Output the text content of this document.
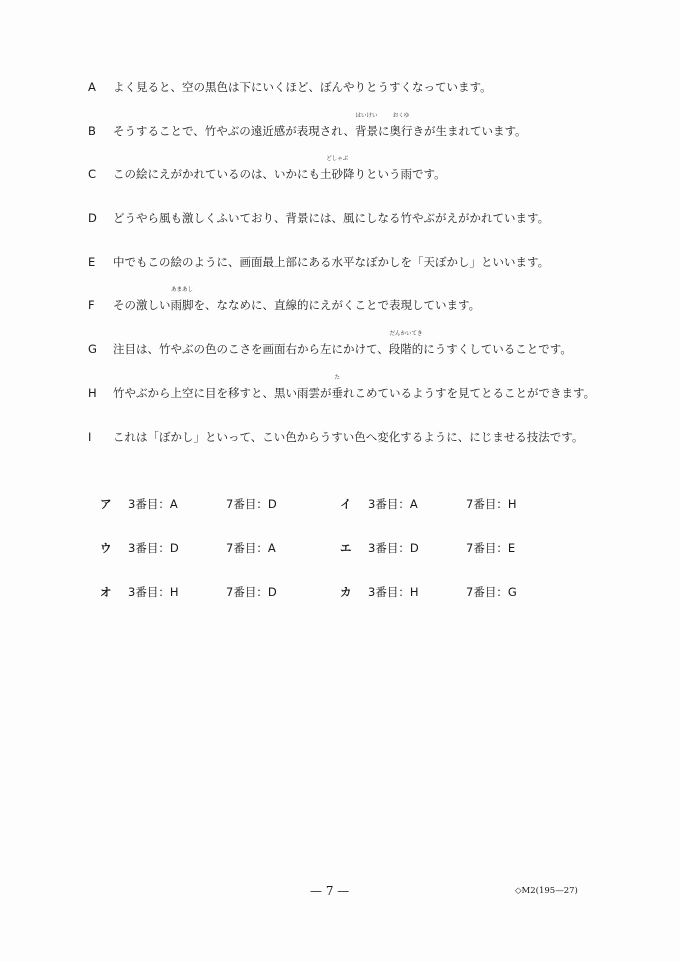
A	よく見ると、空の黒色は下にいくほど、ぼんやりとうすくなっています。
B	そうすることで、竹やぶの遠近感が表現され、
はいけい
背景に
おくゆ
奥行きが生まれています。
C	この絵にえがかれているのは、いかにも
どしゃぶ
土砂降りという雨です。
D	どうやら風も激しくふいており、背景には、風にしなる竹やぶがえがかれています。
E	中でもこの絵のように、画面最上部にある水平なぼかしを「天ぼかし」といいます。
F	その激しい
あまあし
雨脚を、ななめに、直線的にえがくことで表現しています。
G	注目は、竹やぶの色のこさを画面右から左にかけて、
だんかいてき
段階的にうすくしていることです。
H	竹やぶから上空に目を移すと、黒い雨雲が
た
垂れこめているようすを見てとることができます。
I	これは「ぼかし」といって、こい色からうすい色へ変化するように、にじませる技法です。
ア	3番目：A	7番目：D	イ	3番目：A	7番目：H
ウ	3番目：D	7番目：A	エ	3番目：D	7番目：E
オ	3番目：H	7番目：D	カ	3番目：H	7番目：G
— 7 —	◇M2(195—27)
